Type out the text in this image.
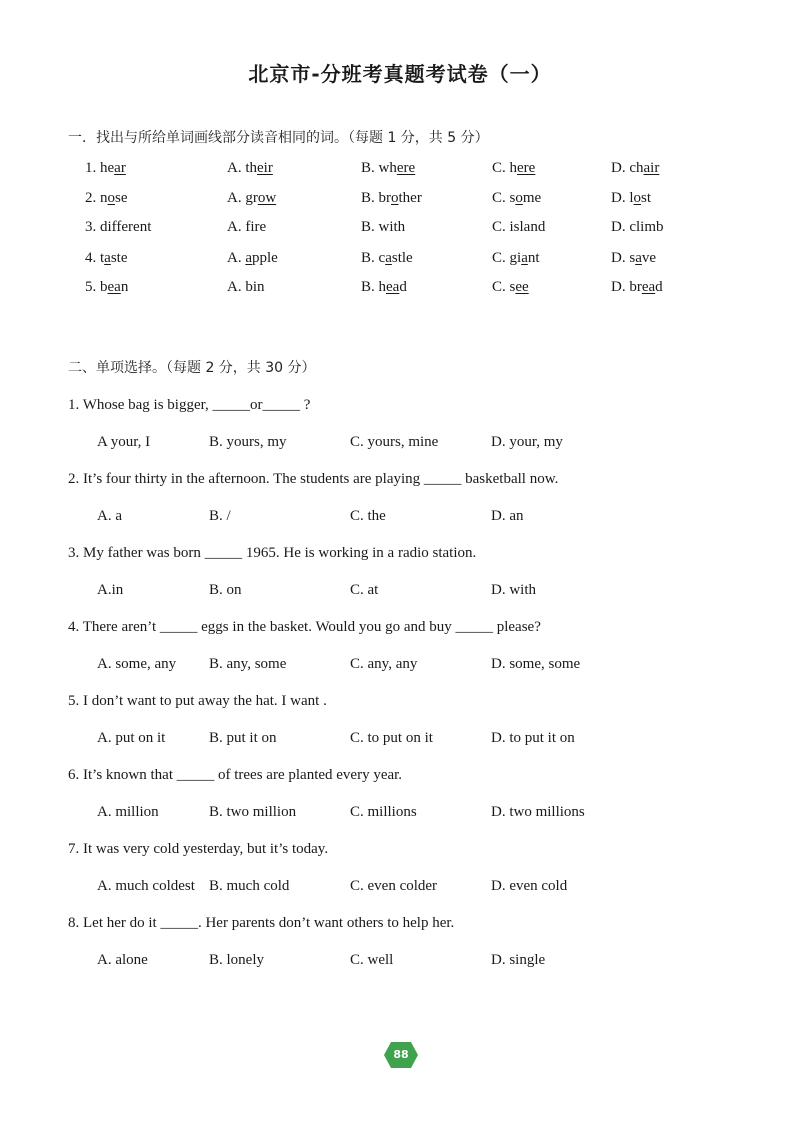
北京市-分班考真题考试卷（一）
一．找出与所给单词画线部分读音相同的词。（每题 1 分，共 5 分）
1. hear	A. their	B. where	C. here	D. chair
2. nose	A. grow	B. brother	C. some	D. lost
3. different	A. fire	B. with	C. island	D. climb
4. taste	A. apple	B. castle	C. giant	D. save
5. bean	A. bin	B. head	C. see	D. bread
二、单项选择。（每题 2 分，共 30 分）
1. Whose bag is bigger, _____or_____ ?
A your, I	B. yours, my	C. yours, mine	D. your, my
2. It’s four thirty in the afternoon. The students are playing _____ basketball now.
A. a	B. /	C. the	D. an
3. My father was born _____ 1965. He is working in a radio station.
A.in	B. on	C. at	D. with
4. There aren’t _____ eggs in the basket. Would you go and buy _____ please?
A. some, any B. any, some	C. any, any	D. some, some
5. I don’t want to put away the hat. I want .
A. put on it	B. put it on	C. to put on it	D. to put it on
6. It’s known that _____ of trees are planted every year.
A. million	B. two million	C. millions	D. two millions
7. It was very cold yesterday, but it’s today.
A. much coldest B. much cold	C. even colder	D. even cold
8. Let her do it _____. Her parents don’t want others to help her.
A. alone	B. lonely	C. well	D. single
88
